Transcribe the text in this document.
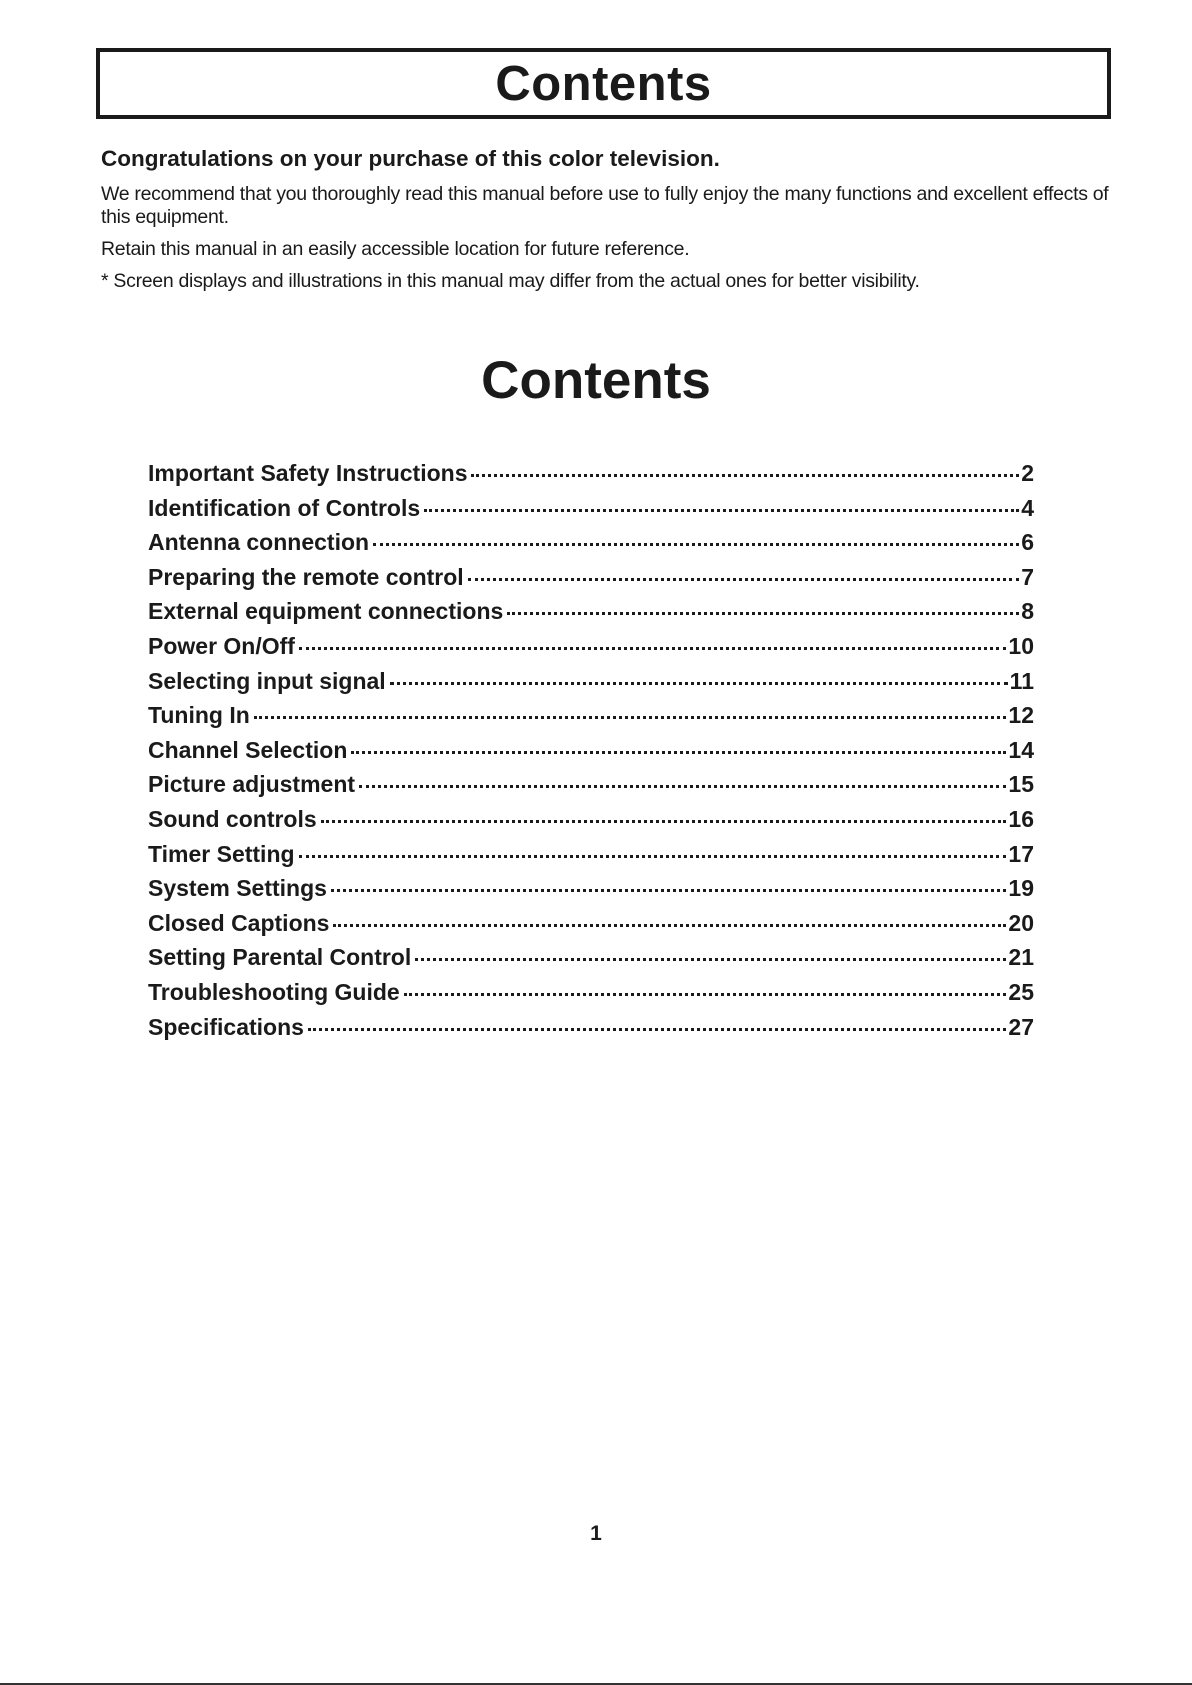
Contents
Congratulations on your purchase of this color television.

We recommend that you thoroughly read this manual before use to fully enjoy the many functions and excellent effects of this equipment.

Retain this manual in an easily accessible location for future reference.

* Screen displays and illustrations in this manual may differ from the actual ones for better visibility.

Contents
Important Safety Instructions	2
Identification of Controls	4
Antenna connection	6
Preparing the remote control	7
External equipment connections	8
Power On/Off	10
Selecting input signal	11
Tuning In	12
Channel Selection	14
Picture adjustment	15
Sound controls	16
Timer Setting	17
System Settings	19
Closed Captions	20
Setting Parental Control	21
Troubleshooting Guide	25
Specifications	27
1
